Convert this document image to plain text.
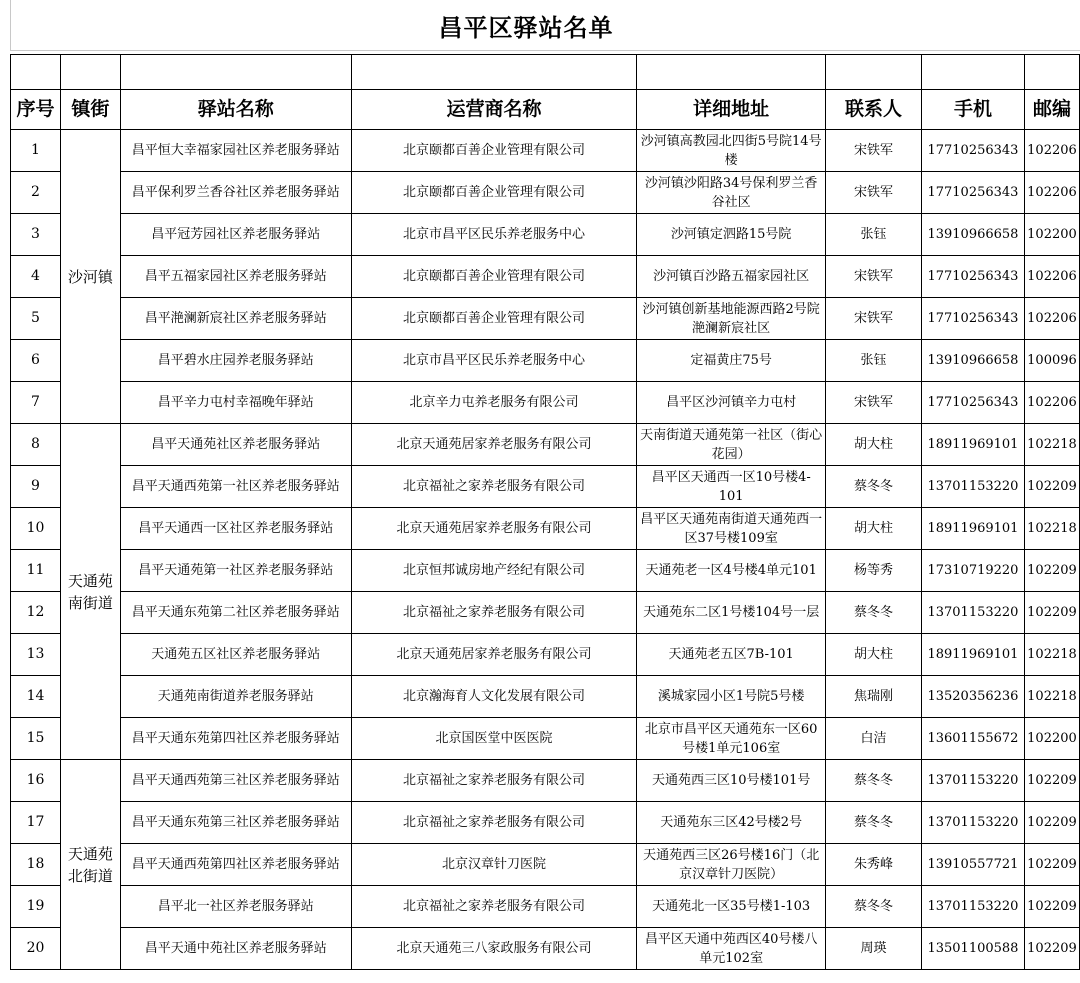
昌平区驿站名单

序号	镇街	驿站名称	运营商名称	详细地址	联系人	手机	邮编
1	沙河镇	昌平恒大幸福家园社区养老服务驿站	北京颐都百善企业管理有限公司	沙河镇高教园北四街5号院14号楼	宋铁军	17710256343	102206
2		昌平保利罗兰香谷社区养老服务驿站	北京颐都百善企业管理有限公司	沙河镇沙阳路34号保利罗兰香谷社区	宋铁军	17710256343	102206
3		昌平冠芳园社区养老服务驿站	北京市昌平区民乐养老服务中心	沙河镇定泗路15号院	张钰	13910966658	102200
4		昌平五福家园社区养老服务驿站	北京颐都百善企业管理有限公司	沙河镇百沙路五福家园社区	宋铁军	17710256343	102206
5		昌平滟澜新宸社区养老服务驿站	北京颐都百善企业管理有限公司	沙河镇创新基地能源西路2号院滟澜新宸社区	宋铁军	17710256343	102206
6		昌平碧水庄园养老服务驿站	北京市昌平区民乐养老服务中心	定福黄庄75号	张钰	13910966658	100096
7		昌平辛力屯村幸福晚年驿站	北京辛力屯养老服务有限公司	昌平区沙河镇辛力屯村	宋铁军	17710256343	102206
8	天通苑南街道	昌平天通苑社区养老服务驿站	北京天通苑居家养老服务有限公司	天南街道天通苑第一社区（街心花园）	胡大柱	18911969101	102218
9		昌平天通西苑第一社区养老服务驿站	北京福祉之家养老服务有限公司	昌平区天通西一区10号楼4-101	蔡冬冬	13701153220	102209
10		昌平天通西一区社区养老服务驿站	北京天通苑居家养老服务有限公司	昌平区天通苑南街道天通苑西一区37号楼109室	胡大柱	18911969101	102218
11		昌平天通苑第一社区养老服务驿站	北京恒邦诚房地产经纪有限公司	天通苑老一区4号楼4单元101	杨等秀	17310719220	102209
12		昌平天通东苑第二社区养老服务驿站	北京福祉之家养老服务有限公司	天通苑东二区1号楼104号一层	蔡冬冬	13701153220	102209
13		天通苑五区社区养老服务驿站	北京天通苑居家养老服务有限公司	天通苑老五区7B-101	胡大柱	18911969101	102218
14		天通苑南街道养老服务驿站	北京瀚海育人文化发展有限公司	溪城家园小区1号院5号楼	焦瑞刚	13520356236	102218
15		昌平天通东苑第四社区养老服务驿站	北京国医堂中医医院	北京市昌平区天通苑东一区60号楼1单元106室	白洁	13601155672	102200
16	天通苑北街道	昌平天通西苑第三社区养老服务驿站	北京福祉之家养老服务有限公司	天通苑西三区10号楼101号	蔡冬冬	13701153220	102209
17		昌平天通东苑第三社区养老服务驿站	北京福祉之家养老服务有限公司	天通苑东三区42号楼2号	蔡冬冬	13701153220	102209
18		昌平天通西苑第四社区养老服务驿站	北京汉章针刀医院	天通苑西三区26号楼16门（北京汉章针刀医院）	朱秀峰	13910557721	102209
19		昌平北一社区养老服务驿站	北京福祉之家养老服务有限公司	天通苑北一区35号楼1-103	蔡冬冬	13701153220	102209
20		昌平天通中苑社区养老服务驿站	北京天通苑三八家政服务有限公司	昌平区天通中苑西区40号楼八单元102室	周瑛	13501100588	102209
